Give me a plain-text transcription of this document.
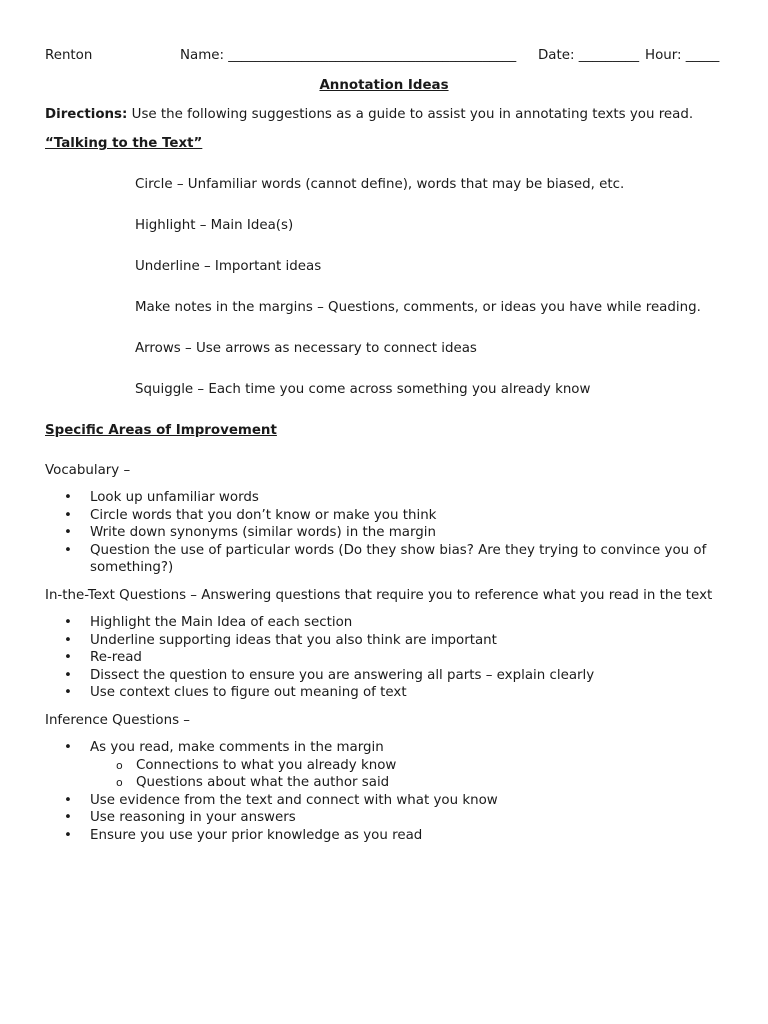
Renton	Name: ___________________________________________ Date: _________ Hour: _____
Annotation Ideas
Directions: Use the following suggestions as a guide to assist you in annotating texts you read.
“Talking to the Text”
Circle – Unfamiliar words (cannot define), words that may be biased, etc.
Highlight – Main Idea(s)
Underline – Important ideas
Make notes in the margins – Questions, comments, or ideas you have while reading.
Arrows – Use arrows as necessary to connect ideas
Squiggle – Each time you come across something you already know
Specific Areas of Improvement
Vocabulary –
• Look up unfamiliar words
• Circle words that you don’t know or make you think
• Write down synonyms (similar words) in the margin
• Question the use of particular words (Do they show bias? Are they trying to convince you of something?)
In-the-Text Questions – Answering questions that require you to reference what you read in the text
• Highlight the Main Idea of each section
• Underline supporting ideas that you also think are important
• Re-read
• Dissect the question to ensure you are answering all parts – explain clearly
• Use context clues to figure out meaning of text
Inference Questions –
• As you read, make comments in the margin
o Connections to what you already know
o Questions about what the author said
• Use evidence from the text and connect with what you know
• Use reasoning in your answers
• Ensure you use your prior knowledge as you read
